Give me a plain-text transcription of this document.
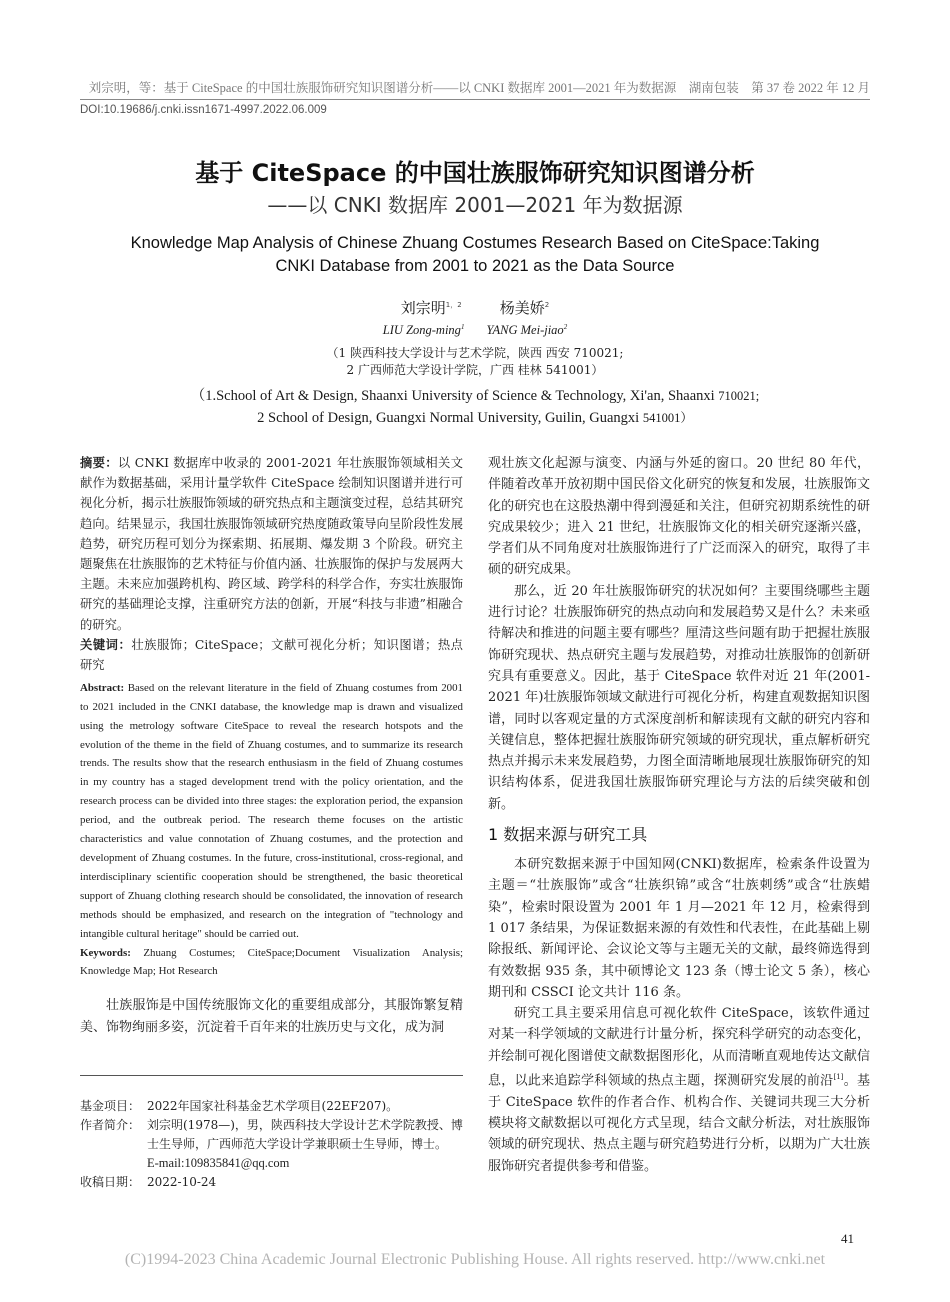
刘宗明，等：基于 CiteSpace 的中国壮族服饰研究知识图谱分析——以 CNKI 数据库 2001—2021 年为数据源　湖南包装　第 37 卷 2022 年 12 月
DOI:10.19686/j.cnki.issn1671-4997.2022.06.009
基于 CiteSpace 的中国壮族服饰研究知识图谱分析
——以 CNKI 数据库 2001—2021 年为数据源
Knowledge Map Analysis of Chinese Zhuang Costumes Research Based on CiteSpace:Taking
CNKI Database from 2001 to 2021 as the Data Source
刘宗明$^{1,2}$	杨美娇$^2$
LIU Zong-ming$^1$ YANG Mei-jiao$^2$
（1 陕西科技大学设计与艺术学院，陕西 西安 710021;
2 广西师范大学设计学院，广西 桂林 541001）
（1.School of Art & Design, Shaanxi University of Science & Technology, Xi'an, Shaanxi 710021;
2 School of Design, Guangxi Normal University, Guilin, Guangxi 541001）
摘要：以 CNKI 数据库中收录的 2001-2021 年壮族服饰领域相关文献作为数据基础，采用计量学软件 CiteSpace 绘制知识图谱并进行可视化分析，揭示壮族服饰领域的研究热点和主题演变过程，总结其研究趋向。结果显示，我国壮族服饰领域研究热度随政策导向呈阶段性发展趋势，研究历程可划分为探索期、拓展期、爆发期 3 个阶段。研究主题聚焦在壮族服饰的艺术特征与价值内涵、壮族服饰的保护与发展两大主题。未来应加强跨机构、跨区域、跨学科的科学合作，夯实壮族服饰研究的基础理论支撑，注重研究方法的创新，开展“科技与非遗”相融合的研究。
关键词：壮族服饰；CiteSpace；文献可视化分析；知识图谱；热点研究
Abstract: Based on the relevant literature in the field of Zhuang costumes from 2001 to 2021 included in the CNKI database, the knowledge map is drawn and visualized using the metrology software CiteSpace to reveal the research hotspots and the evolution of the theme in the field of Zhuang costumes, and to summarize its research trends. The results show that the research enthusiasm in the field of Zhuang costumes in my country has a staged development trend with the policy orientation, and the research process can be divided into three stages: the exploration period, the expansion period, and the outbreak period. The research theme focuses on the artistic characteristics and value connotation of Zhuang costumes, and the protection and development of Zhuang costumes. In the future, cross-institutional, cross-regional, and interdisciplinary scientific cooperation should be strengthened, the basic theoretical support of Zhuang clothing research should be consolidated, the innovation of research methods should be emphasized, and research on the integration of "technology and intangible cultural heritage" should be carried out.
Keywords: Zhuang Costumes; CiteSpace;Document Visualization Analysis; Knowledge Map; Hot Research

壮族服饰是中国传统服饰文化的重要组成部分，其服饰繁复精美、饰物绚丽多姿，沉淀着千百年来的壮族历史与文化，成为洞

基金项目： 2022年国家社科基金艺术学项目(22EF207)。
作者简介： 刘宗明(1978—)，男，陕西科技大学设计艺术学院教授、博士生导师，广西师范大学设计学兼职硕士生导师，博士。
E-mail:109835841@qq.com
收稿日期： 2022-10-24

观壮族文化起源与演变、内涵与外延的窗口。20 世纪 80 年代，伴随着改革开放初期中国民俗文化研究的恢复和发展，壮族服饰文化的研究也在这股热潮中得到漫延和关注，但研究初期系统性的研究成果较少；进入 21 世纪，壮族服饰文化的相关研究逐渐兴盛，学者们从不同角度对壮族服饰进行了广泛而深入的研究，取得了丰硕的研究成果。

那么，近 20 年壮族服饰研究的状况如何？主要围绕哪些主题进行讨论？壮族服饰研究的热点动向和发展趋势又是什么？未来亟待解决和推进的问题主要有哪些？厘清这些问题有助于把握壮族服饰研究现状、热点研究主题与发展趋势，对推动壮族服饰的创新研究具有重要意义。因此，基于 CiteSpace 软件对近 21 年(2001-2021 年)壮族服饰领域文献进行可视化分析，构建直观数据知识图谱，同时以客观定量的方式深度剖析和解读现有文献的研究内容和关键信息，整体把握壮族服饰研究领域的研究现状，重点解析研究热点并揭示未来发展趋势，力图全面清晰地展现壮族服饰研究的知识结构体系，促进我国壮族服饰研究理论与方法的后续突破和创新。

1 数据来源与研究工具

本研究数据来源于中国知网(CNKI)数据库，检索条件设置为主题＝“壮族服饰”或含“壮族织锦”或含“壮族刺绣”或含“壮族蜡染”，检索时限设置为 2001 年 1 月—2021 年 12 月，检索得到 1 017 条结果，为保证数据来源的有效性和代表性，在此基础上剔除报纸、新闻评论、会议论文等与主题无关的文献，最终筛选得到有效数据 935 条，其中硕博论文 123 条（博士论文 5 条），核心期刊和 CSSCI 论文共计 116 条。

研究工具主要采用信息可视化软件 CiteSpace，该软件通过对某一科学领域的文献进行计量分析，探究科学研究的动态变化，并绘制可视化图谱使文献数据图形化，从而清晰直观地传达文献信息，以此来追踪学科领域的热点主题，探测研究发展的前沿[1]。基于 CiteSpace 软件的作者合作、机构合作、关键词共现三大分析模块将文献数据以可视化方式呈现，结合文献分析法，对壮族服饰领域的研究现状、热点主题与研究趋势进行分析，以期为广大壮族服饰研究者提供参考和借鉴。

41
(C)1994-2023 China Academic Journal Electronic Publishing House. All rights reserved. http://www.cnki.net
